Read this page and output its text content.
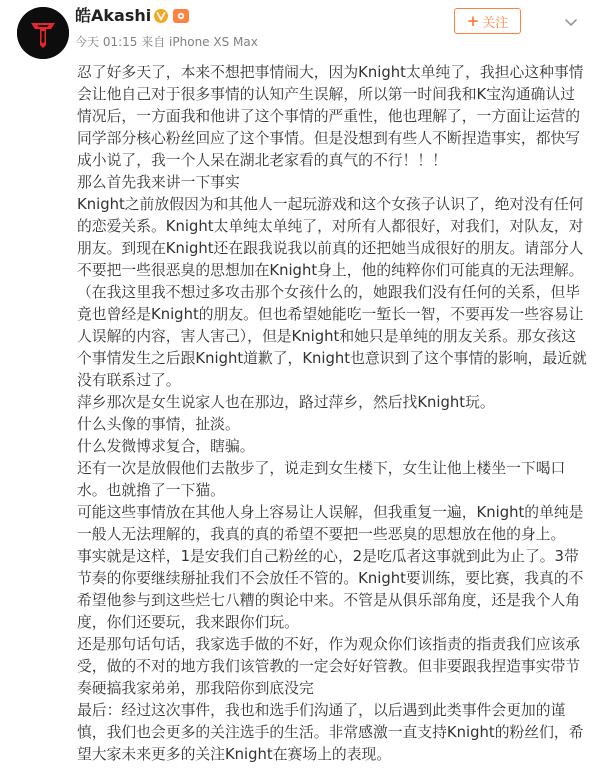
皓Akashi
今天 01:15 来自 iPhone XS Max
+ 关注

忍了好多天了，本来不想把事情闹大，因为Knight太单纯了，我担心这种事情会让他自己对于很多事情的认知产生误解，所以第一时间我和K宝沟通确认过情况后，一方面我和他讲了这个事情的严重性，他也理解了，一方面让运营的同学部分核心粉丝回应了这个事情。但是没想到有些人不断捏造事实，都快写成小说了，我一个人呆在湖北老家看的真气的不行！！！

那么首先我来讲一下事实

Knight之前放假因为和其他人一起玩游戏和这个女孩子认识了，绝对没有任何的恋爱关系。Knight太单纯太单纯了，对所有人都很好，对我们，对队友，对朋友。到现在Knight还在跟我说我以前真的还把她当成很好的朋友。请部分人不要把一些很恶臭的思想加在Knight身上，他的纯粹你们可能真的无法理解。（在我这里我不想过多攻击那个女孩什么的，她跟我们没有任何的关系，但毕竟也曾经是Knight的朋友。但也希望她能吃一堑长一智，不要再发一些容易让人误解的内容，害人害己），但是Knight和她只是单纯的朋友关系。那女孩这个事情发生之后跟Knight道歉了，Knight也意识到了这个事情的影响，最近就没有联系过了。

萍乡那次是女生说家人也在那边，路过萍乡，然后找Knight玩。

什么头像的事情，扯淡。

什么发微博求复合，瞎骗。

还有一次是放假他们去散步了，说走到女生楼下，女生让他上楼坐一下喝口水。也就撸了一下猫。

可能这些事情放在其他人身上容易让人误解，但我重复一遍，Knight的单纯是一般人无法理解的，我真的真的希望不要把一些恶臭的思想放在他的身上。

事实就是这样，1是安我们自己粉丝的心，2是吃瓜者这事就到此为止了。3带节奏的你要继续掰扯我们不会放任不管的。Knight要训练，要比赛，我真的不希望他参与到这些烂七八糟的舆论中来。不管是从俱乐部角度，还是我个人角度，你们还要玩，我来跟你们玩。

还是那句话句话，我家选手做的不好，作为观众你们该指责的指责我们应该承受，做的不对的地方我们该管教的一定会好好管教。但非要跟我捏造事实带节奏硬搞我家弟弟，那我陪你到底没完

最后：经过这次事件，我也和选手们沟通了，以后遇到此类事件会更加的谨慎，我们也会更多的关注选手的生活。非常感激一直支持Knight的粉丝们，希望大家未来更多的关注Knight在赛场上的表现。
